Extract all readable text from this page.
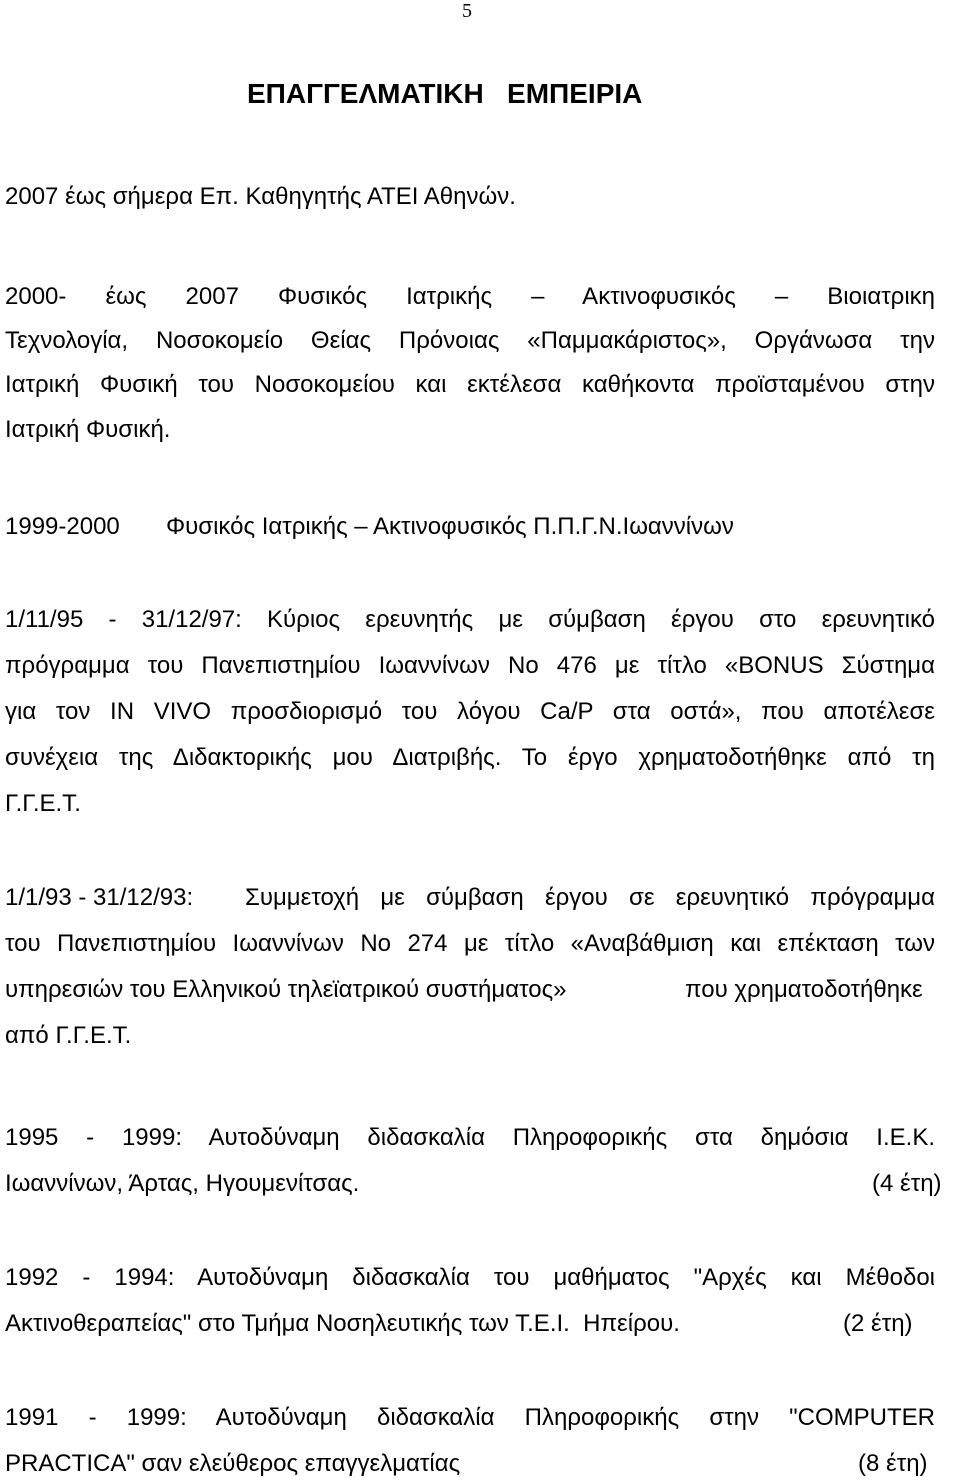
5
ΕΠΑΓΓΕΛΜΑΤΙΚΗ   ΕΜΠΕΙΡΙΑ
2007 έως σήμερα Επ. Καθηγητής ΑΤΕΙ Αθηνών.
2000- έως 2007 Φυσικός Ιατρικής – Ακτινοφυσικός – Βιοιατρικη
Τεχνολογία, Νοσοκομείο Θείας Πρόνοιας «Παμμακάριστος», Οργάνωσα την
Ιατρική Φυσική του Νοσοκομείου και εκτέλεσα καθήκοντα προϊσταμένου στην
Ιατρική Φυσική.
1999-2000 Φυσικός Ιατρικής – Ακτινοφυσικός Π.Π.Γ.Ν.Ιωαννίνων
1/11/95 - 31/12/97: Κύριος ερευνητής με σύμβαση έργου στο ερευνητικό
πρόγραμμα του Πανεπιστημίου Ιωαννίνων Νο 476 με τίτλο «BONUS Σύστημα
για τον IN VIVO προσδιορισμό του λόγου Ca/P στα οστά», που αποτέλεσε
συνέχεια της Διδακτορικής μου Διατριβής. Το έργο χρηματοδοτήθηκε από τη
Γ.Γ.Ε.Τ.
1/1/93 - 31/12/93: Συμμετοχή με σύμβαση έργου σε ερευνητικό πρόγραμμα
του Πανεπιστημίου Ιωαννίνων Νο 274 με τίτλο «Αναβάθμιση και επέκταση των
υπηρεσιών του Ελληνικού τηλεϊατρικού συστήματος»	που χρηματοδοτήθηκε
από Γ.Γ.Ε.Τ.
1995 - 1999: Αυτοδύναμη διδασκαλία Πληροφορικής στα δημόσια Ι.Ε.Κ.
Ιωαννίνων, Άρτας, Ηγουμενίτσας.	(4 έτη)
1992 - 1994: Αυτοδύναμη διδασκαλία του μαθήματος "Αρχές και Μέθοδοι
Ακτινοθεραπείας" στο Τμήμα Νοσηλευτικής των Τ.Ε.Ι.  Ηπείρου.	(2 έτη)
1991 - 1999: Αυτοδύναμη διδασκαλία Πληροφορικής στην "COMPUTER
PRACTICA" σαν ελεύθερος επαγγελματίας	(8 έτη)
